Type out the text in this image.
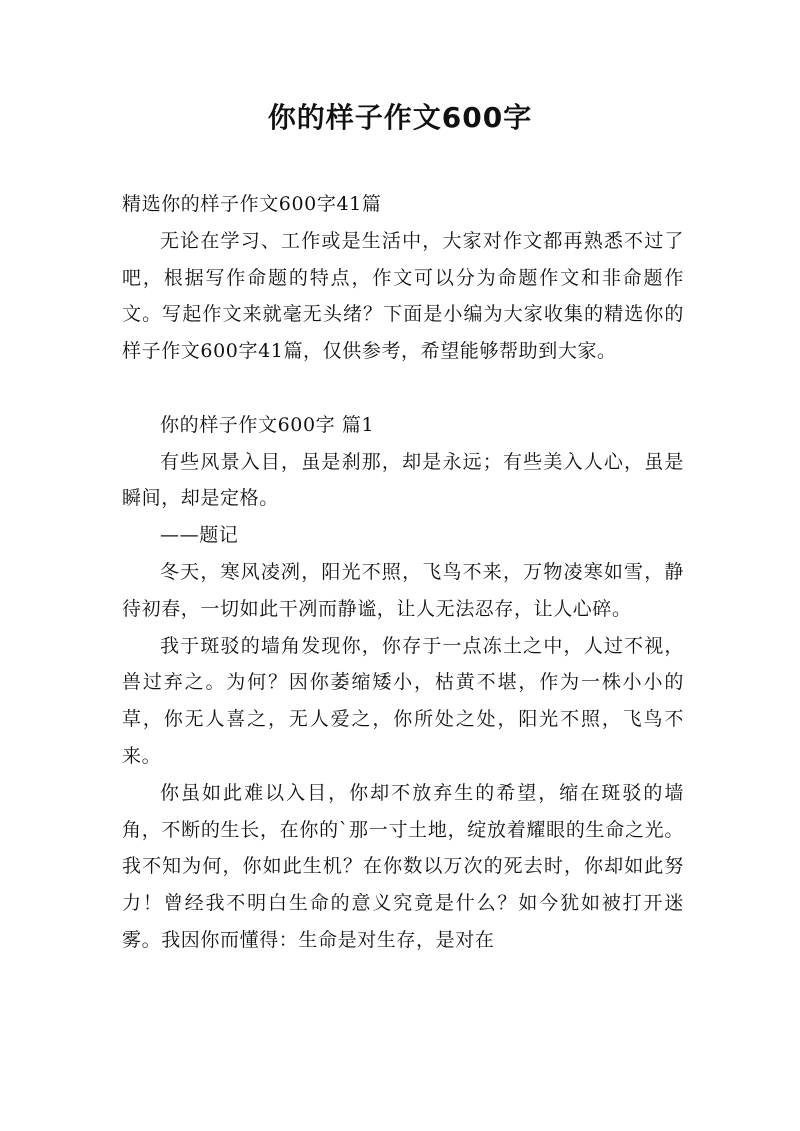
你的样子作文600字

精选你的样子作文600字41篇

无论在学习、工作或是生活中，大家对作文都再熟悉不过了吧，根据写作命题的特点，作文可以分为命题作文和非命题作文。写起作文来就毫无头绪？下面是小编为大家收集的精选你的样子作文600字41篇，仅供参考，希望能够帮助到大家。

你的样子作文600字 篇1

有些风景入目，虽是刹那，却是永远；有些美入人心，虽是瞬间，却是定格。

——题记

冬天，寒风凌冽，阳光不照，飞鸟不来，万物凌寒如雪，静待初春，一切如此干冽而静谧，让人无法忍存，让人心碎。

我于斑驳的墙角发现你，你存于一点冻土之中，人过不视，兽过弃之。为何？因你萎缩矮小，枯黄不堪，作为一株小小的草，你无人喜之，无人爱之，你所处之处，阳光不照，飞鸟不来。

你虽如此难以入目，你却不放弃生的希望，缩在斑驳的墙角，不断的生长，在你的`那一寸土地，绽放着耀眼的生命之光。我不知为何，你如此生机？在你数以万次的死去时，你却如此努力！曾经我不明白生命的意义究竟是什么？如今犹如被打开迷雾。我因你而懂得：生命是对生存，是对在
